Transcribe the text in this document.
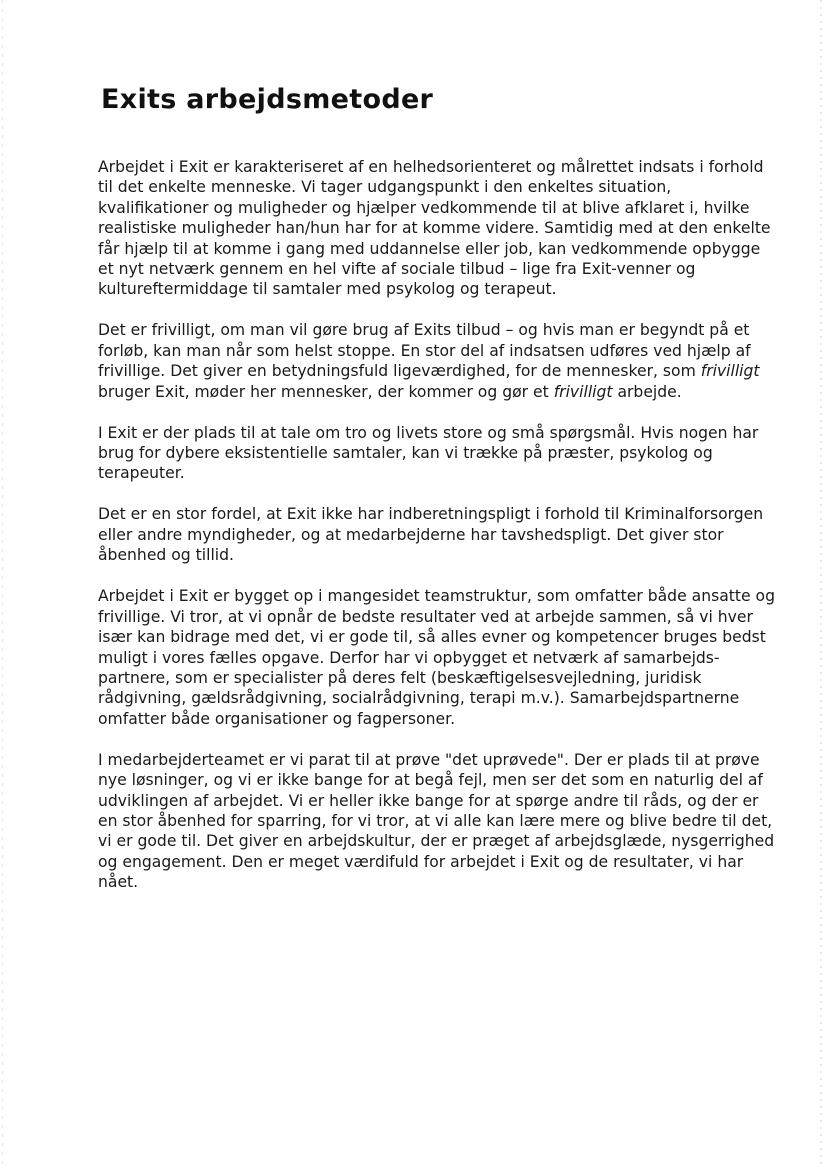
Exits arbejdsmetoder

Arbejdet i Exit er karakteriseret af en helhedsorienteret og målrettet indsats i forhold
til det enkelte menneske. Vi tager udgangspunkt i den enkeltes situation,
kvalifikationer og muligheder og hjælper vedkommende til at blive afklaret i, hvilke
realistiske muligheder han/hun har for at komme videre. Samtidig med at den enkelte
får hjælp til at komme i gang med uddannelse eller job, kan vedkommende opbygge
et nyt netværk gennem en hel vifte af sociale tilbud – lige fra Exit-venner og
kultureftermiddage til samtaler med psykolog og terapeut.

Det er frivilligt, om man vil gøre brug af Exits tilbud – og hvis man er begyndt på et
forløb, kan man når som helst stoppe. En stor del af indsatsen udføres ved hjælp af
frivillige. Det giver en betydningsfuld ligeværdighed, for de mennesker, som frivilligt
bruger Exit, møder her mennesker, der kommer og gør et frivilligt arbejde.

I Exit er der plads til at tale om tro og livets store og små spørgsmål. Hvis nogen har
brug for dybere eksistentielle samtaler, kan vi trække på præster, psykolog og
terapeuter.

Det er en stor fordel, at Exit ikke har indberetningspligt i forhold til Kriminalforsorgen
eller andre myndigheder, og at medarbejderne har tavshedspligt. Det giver stor
åbenhed og tillid.

Arbejdet i Exit er bygget op i mangesidet teamstruktur, som omfatter både ansatte og
frivillige. Vi tror, at vi opnår de bedste resultater ved at arbejde sammen, så vi hver
især kan bidrage med det, vi er gode til, så alles evner og kompetencer bruges bedst
muligt i vores fælles opgave. Derfor har vi opbygget et netværk af samarbejds-
partnere, som er specialister på deres felt (beskæftigelsesvejledning, juridisk
rådgivning, gældsrådgivning, socialrådgivning, terapi m.v.). Samarbejdspartnerne
omfatter både organisationer og fagpersoner.

I medarbejderteamet er vi parat til at prøve "det uprøvede". Der er plads til at prøve
nye løsninger, og vi er ikke bange for at begå fejl, men ser det som en naturlig del af
udviklingen af arbejdet. Vi er heller ikke bange for at spørge andre til råds, og der er
en stor åbenhed for sparring, for vi tror, at vi alle kan lære mere og blive bedre til det,
vi er gode til. Det giver en arbejdskultur, der er præget af arbejdsglæde, nysgerrighed
og engagement. Den er meget værdifuld for arbejdet i Exit og de resultater, vi har
nået.
